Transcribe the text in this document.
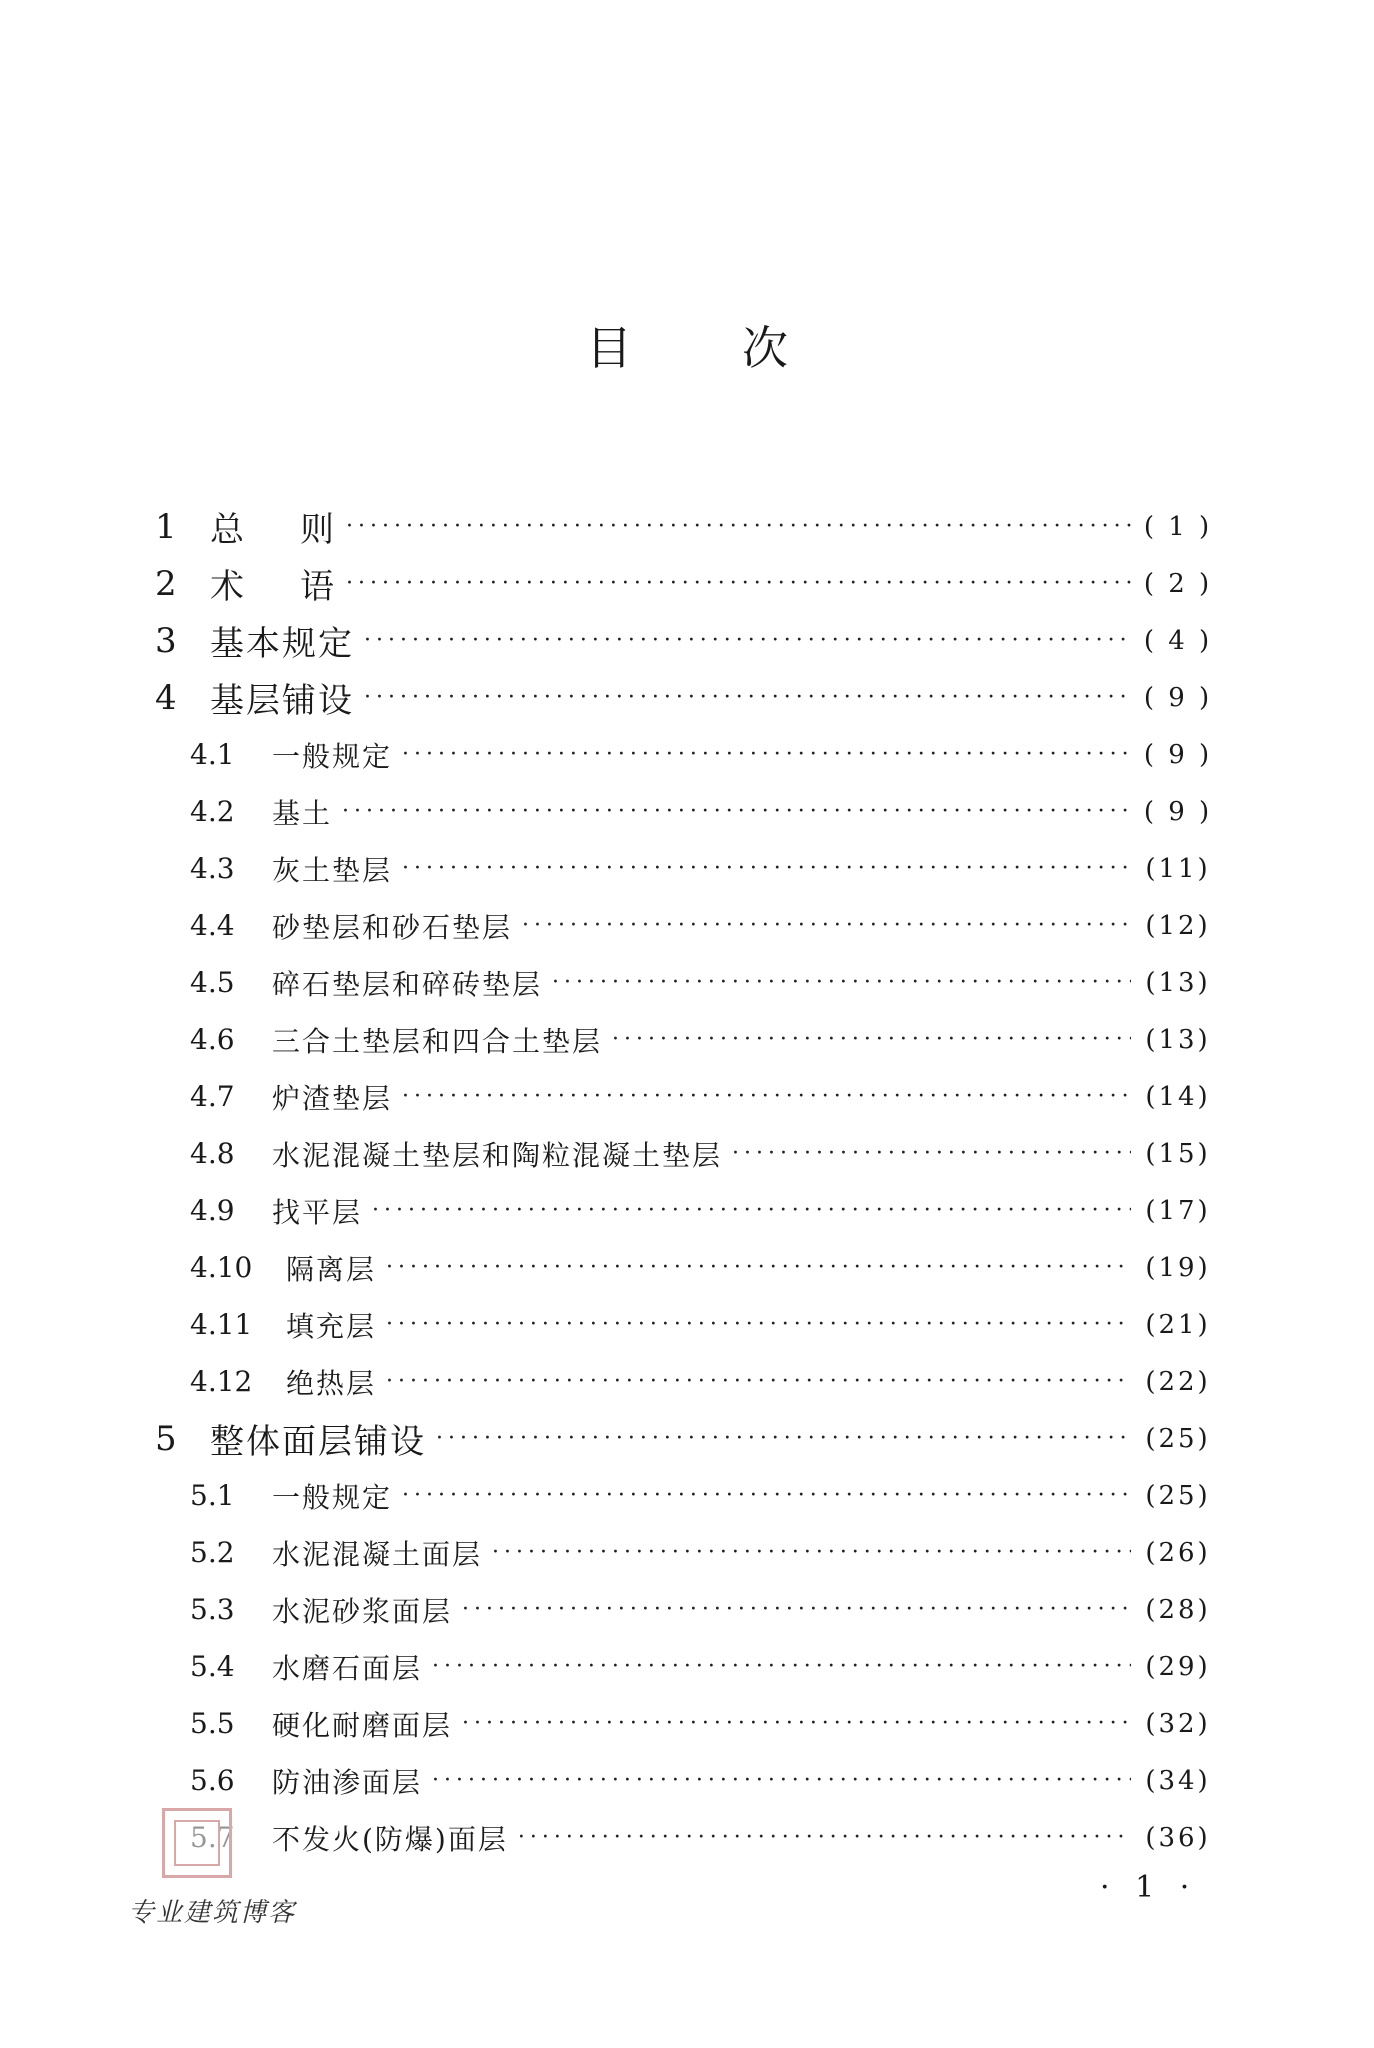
目次
1 总则 ·····	( 1 )
2 术语 ·····	( 2 )
3 基本规定 ·····	( 4 )
4 基层铺设 ·····	( 9 )
4.1	一般规定 ·····	( 9 )
4.2	基土 ·····	( 9 )
4.3	灰土垫层 ·····	(11)
4.4	砂垫层和砂石垫层 ·····	(12)
4.5	碎石垫层和碎砖垫层 ·····	(13)
4.6	三合土垫层和四合土垫层 ·····	(13)
4.7	炉渣垫层 ·····	(14)
4.8	水泥混凝土垫层和陶粒混凝土垫层 ·····	(15)
4.9	找平层 ·····	(17)
4.10	隔离层 ·····	(19)
4.11	填充层 ·····	(21)
4.12	绝热层 ·····	(22)
5 整体面层铺设 ·····	(25)
5.1	一般规定 ·····	(25)
5.2	水泥混凝土面层 ·····	(26)
5.3	水泥砂浆面层 ·····	(28)
5.4	水磨石面层 ·····	(29)
5.5	硬化耐磨面层 ·····	(32)
5.6	防油渗面层 ·····	(34)
5.7	不发火(防爆)面层 ·····	(36)
专业建筑博客
· 1 ·
